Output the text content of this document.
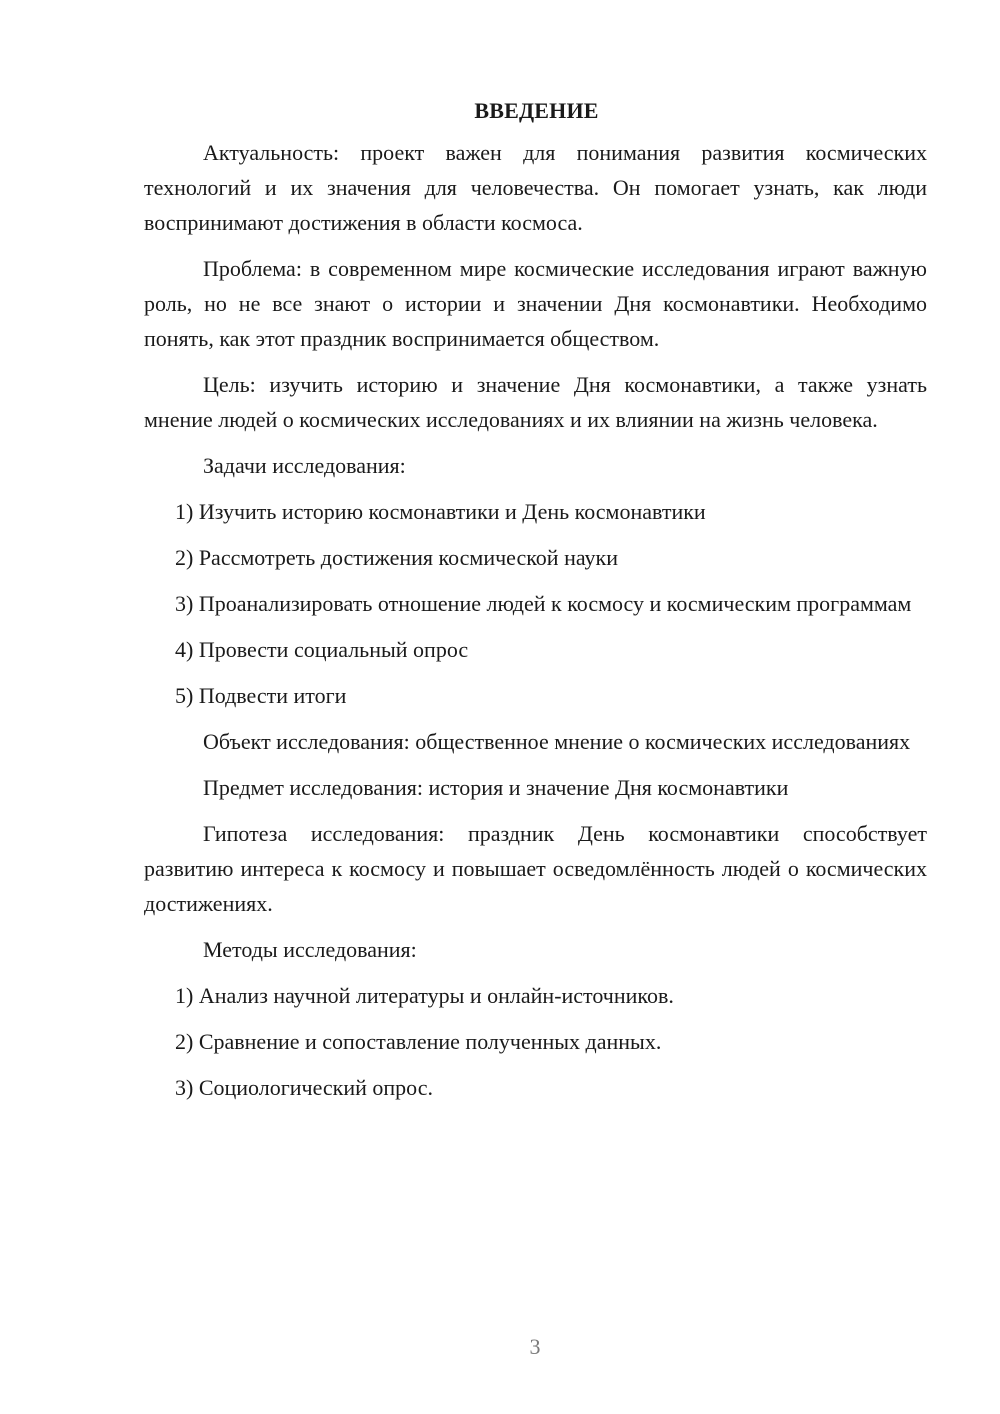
ВВЕДЕНИЕ

Актуальность: проект важен для понимания развития космических технологий и их значения для человечества. Он помогает узнать, как люди воспринимают достижения в области космоса.

Проблема: в современном мире космические исследования играют важную роль, но не все знают о истории и значении Дня космонавтики. Необходимо понять, как этот праздник воспринимается обществом.

Цель: изучить историю и значение Дня космонавтики, а также узнать мнение людей о космических исследованиях и их влиянии на жизнь человека.

Задачи исследования:

1) Изучить историю космонавтики и День космонавтики

2) Рассмотреть достижения космической науки

3) Проанализировать отношение людей к космосу и космическим программам

4) Провести социальный опрос

5) Подвести итоги

Объект исследования: общественное мнение о космических исследованиях

Предмет исследования: история и значение Дня космонавтики

Гипотеза исследования: праздник День космонавтики способствует развитию интереса к космосу и повышает осведомлённость людей о космических достижениях.

Методы исследования:

1) Анализ научной литературы и онлайн-источников.

2) Сравнение и сопоставление полученных данных.

3) Социологический опрос.

3
